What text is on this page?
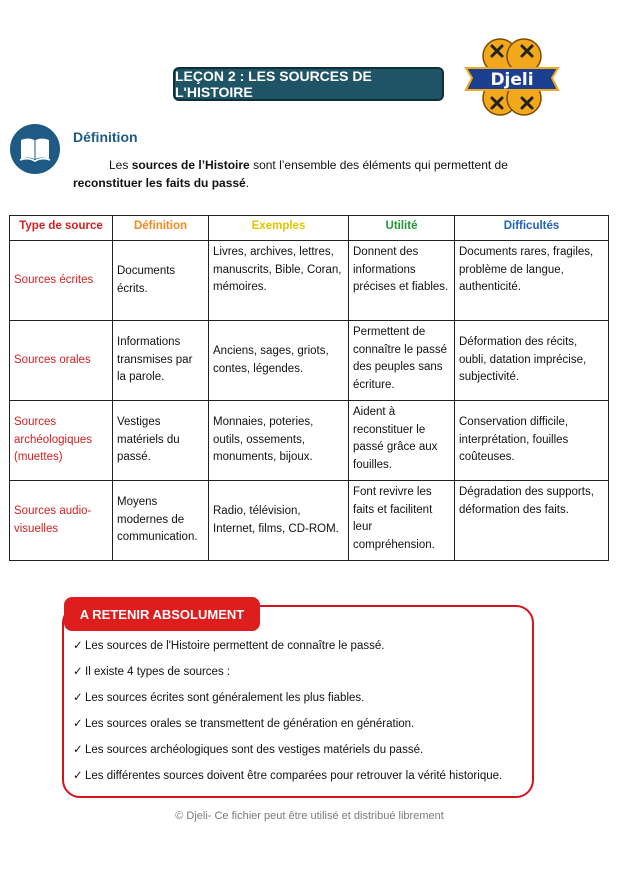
LEÇON 2 : LES SOURCES DE L'HISTOIRE
Djeli
Définition
Les sources de l’Histoire sont l’ensemble des éléments qui permettent de reconstituer les faits du passé.
Type de source	Définition	Exemples	Utilité	Difficultés
Sources écrites	Documents écrits.	Livres, archives, lettres, manuscrits, Bible, Coran, mémoires.	Donnent des informations précises et fiables.	Documents rares, fragiles, problème de langue, authenticité.
Sources orales	Informations transmises par la parole.	Anciens, sages, griots, contes, légendes.	Permettent de connaître le passé des peuples sans écriture.	Déformation des récits, oubli, datation imprécise, subjectivité.
Sources archéologiques (muettes)	Vestiges matériels du passé.	Monnaies, poteries, outils, ossements, monuments, bijoux.	Aident à reconstituer le passé grâce aux fouilles.	Conservation difficile, interprétation, fouilles coûteuses.
Sources audio-visuelles	Moyens modernes de communication.	Radio, télévision, Internet, films, CD-ROM.	Font revivre les faits et facilitent leur compréhension.	Dégradation des supports, déformation des faits.
A RETENIR ABSOLUMENT
✓ Les sources de l'Histoire permettent de connaître le passé.
✓ Il existe 4 types de sources :
✓ Les sources écrites sont généralement les plus fiables.
✓ Les sources orales se transmettent de génération en génération.
✓ Les sources archéologiques sont des vestiges matériels du passé.
✓ Les différentes sources doivent être comparées pour retrouver la vérité historique.
© Djeli- Ce fichier peut être utilisé et distribué librement
